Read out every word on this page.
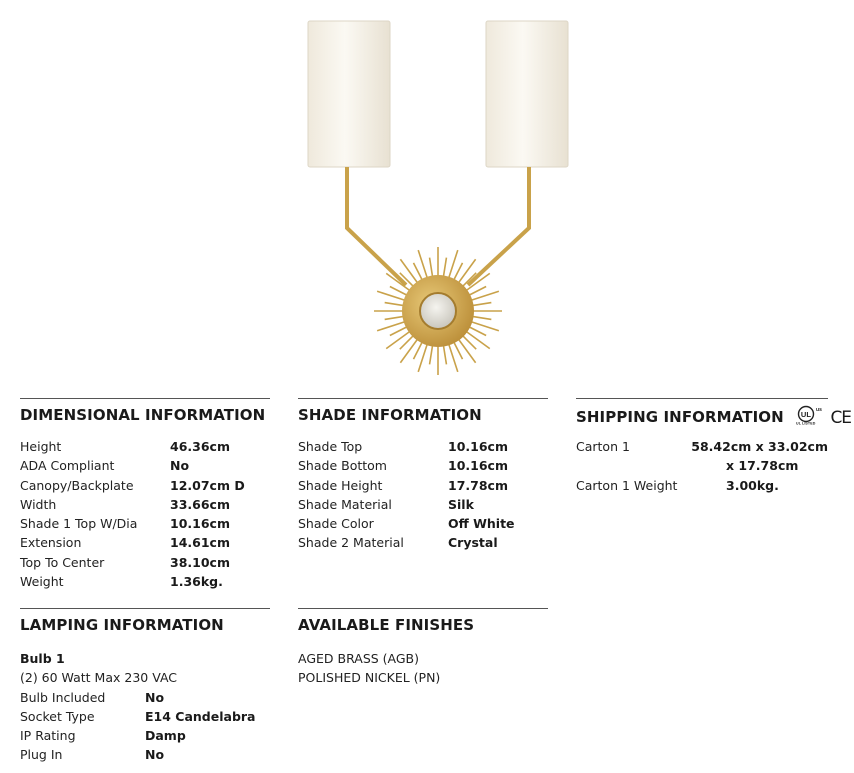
DIMENSIONAL INFORMATION
Height	46.36cm
ADA Compliant	No
Canopy/Backplate	12.07cm D
Width	33.66cm
Shade 1 Top W/Dia	10.16cm
Extension	14.61cm
Top To Center	38.10cm
Weight	1.36kg.
SHADE INFORMATION
Shade Top	10.16cm
Shade Bottom	10.16cm
Shade Height	17.78cm
Shade Material	Silk
Shade Color	Off White
Shade 2 Material	Crystal
SHIPPING INFORMATION UL us
UL LISTED CE
Carton 1	58.42cm x 33.02cm
x 17.78cm
Carton 1 Weight	3.00kg.
LAMPING INFORMATION
Bulb 1
(2) 60 Watt Max 230 VAC
Bulb Included	No
Socket Type	E14 Candelabra
IP Rating	Damp
Plug In	No
AVAILABLE FINISHES
AGED BRASS (AGB)
POLISHED NICKEL (PN)
